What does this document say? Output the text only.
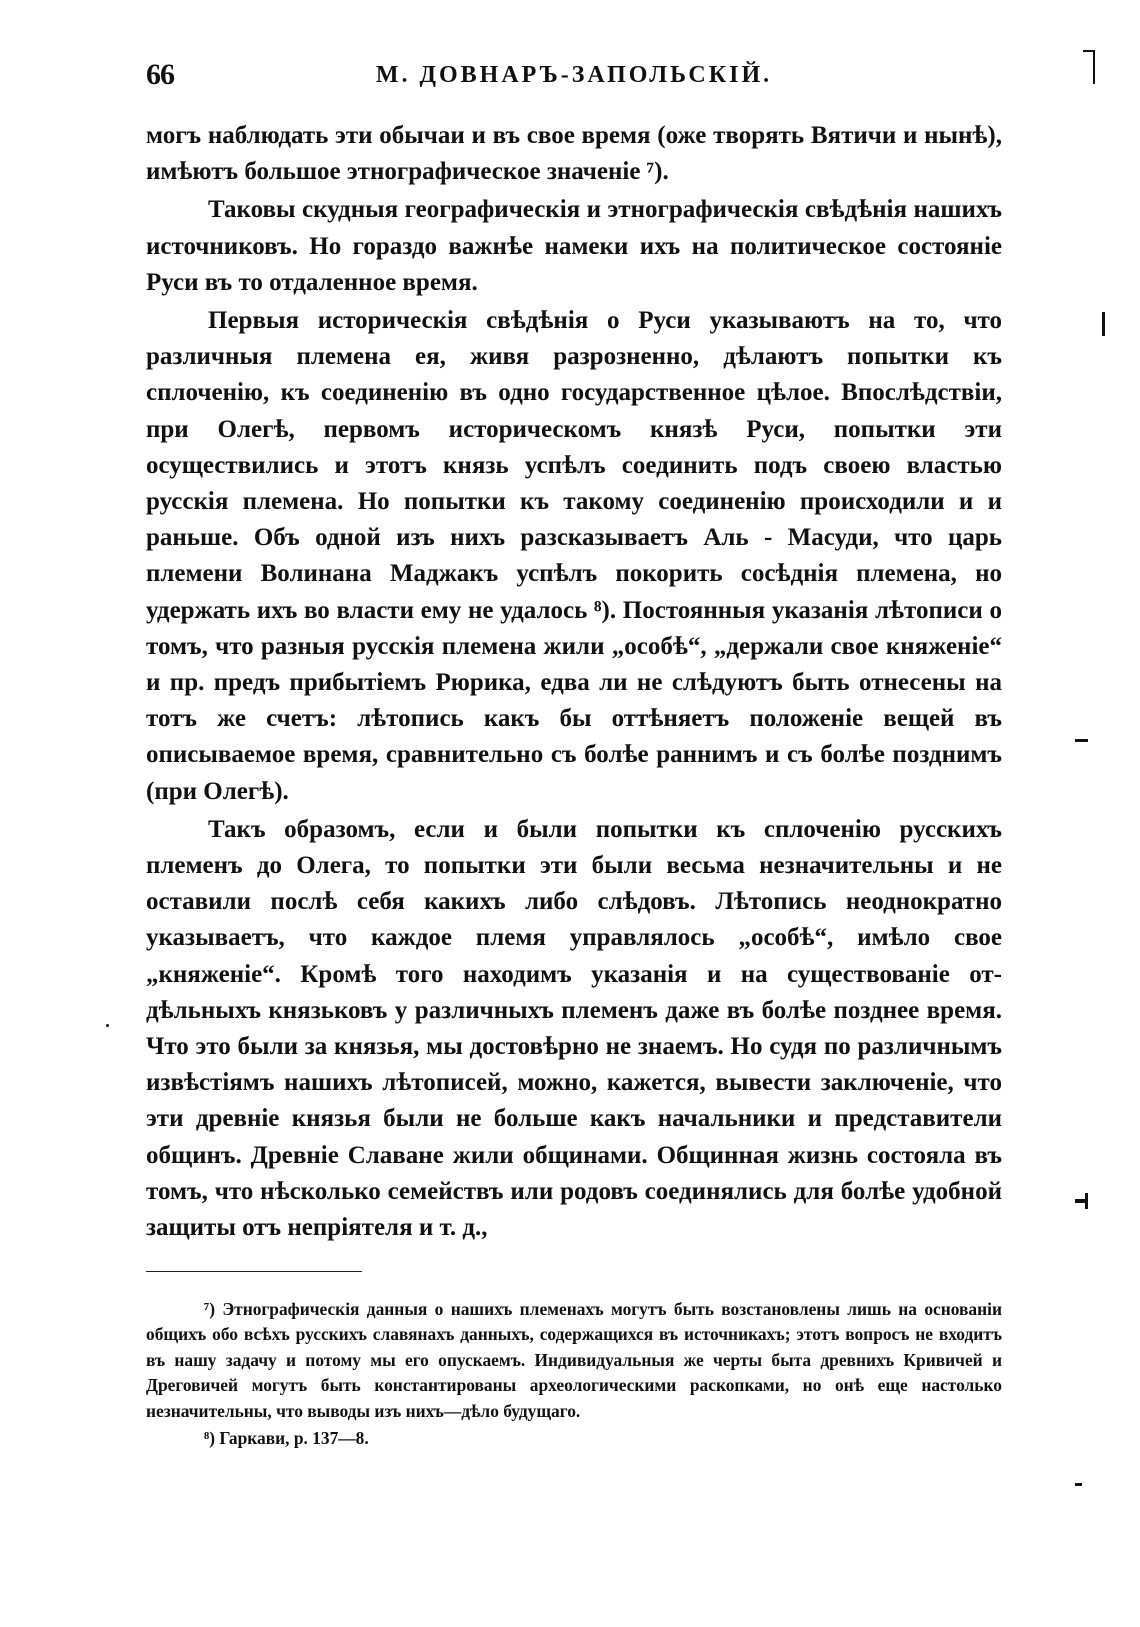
66	М. ДОВНАРЪ-ЗАПОЛЬСКІЙ.

могъ наблюдать эти обычаи и въ свое время (оже творять Вятичи и нынѣ), имѣютъ большое этнографическое значеніе ⁷).

Таковы скудныя географическія и этнографическія свѣдѣнія нашихъ источниковъ. Но гораздо важнѣе намеки ихъ на политическое состояніе Руси въ то отдаленное время.

Первыя историческія свѣдѣнія о Руси указываютъ на то, что различныя племена ея, живя разрозненно, дѣлаютъ попытки къ сплоченію, къ соединенію въ одно государственное цѣлое. Впослѣдствіи, при Олегѣ, первомъ историческомъ князѣ Руси, попытки эти осуществились и этотъ князь успѣлъ соединить подъ своею властью русскія племена. Но попытки къ такому соединенію происходили и и раньше. Объ одной изъ нихъ разсказываетъ Аль - Масуди, что царь племени Волинана Маджакъ успѣлъ покорить сосѣднія племена, но удержать ихъ во власти ему не удалось ⁸). Постоянныя указанія лѣтописи о томъ, что разныя русскія племена жили „особѣ“, „держали свое княженіе“ и пр. предъ прибытіемъ Рюрика, едва ли не слѣдуютъ быть отнесены на тотъ же счетъ: лѣтопись какъ бы оттѣняетъ положеніе вещей въ описываемое время, сравнительно съ болѣе раннимъ и съ болѣе позднимъ (при Олегѣ).

Такъ образомъ, если и были попытки къ сплоченію русскихъ племенъ до Олега, то попытки эти были весьма незначительны и не оставили послѣ себя какихъ либо слѣдовъ. Лѣтопись неоднократно указываетъ, что каждое племя управлялось „особѣ“, имѣло свое „княженіе“. Кромѣ того находимъ указанія и на существованіе отдѣльныхъ князьковъ у различныхъ племенъ даже въ болѣе позднее время. Что это были за князья, мы достовѣрно не знаемъ. Но судя по различнымъ извѣстіямъ нашихъ лѣтописей, можно, кажется, вывести заключеніе, что эти древніе князья были не больше какъ начальники и представители общинъ. Древніе Славане жили общинами. Общинная жизнь состояла въ томъ, что нѣсколько семействъ или родовъ соединялись для болѣе удобной защиты отъ непріятеля и т. д.,

⁷) Этнографическія данныя о нашихъ племенахъ могутъ быть возстановлены лишь на основаніи общихъ обо всѣхъ русскихъ славянахъ данныхъ, содержащихся въ источникахъ; этотъ вопросъ не входитъ въ нашу задачу и потому мы его опускаемъ. Индивидуальныя же черты быта древнихъ Кривичей и Дреговичей могутъ быть константированы археологическими раскопками, но онѣ еще настолько незначительны, что выводы изъ нихъ—дѣло будущаго.

⁸) Гаркави, р. 137—8.
